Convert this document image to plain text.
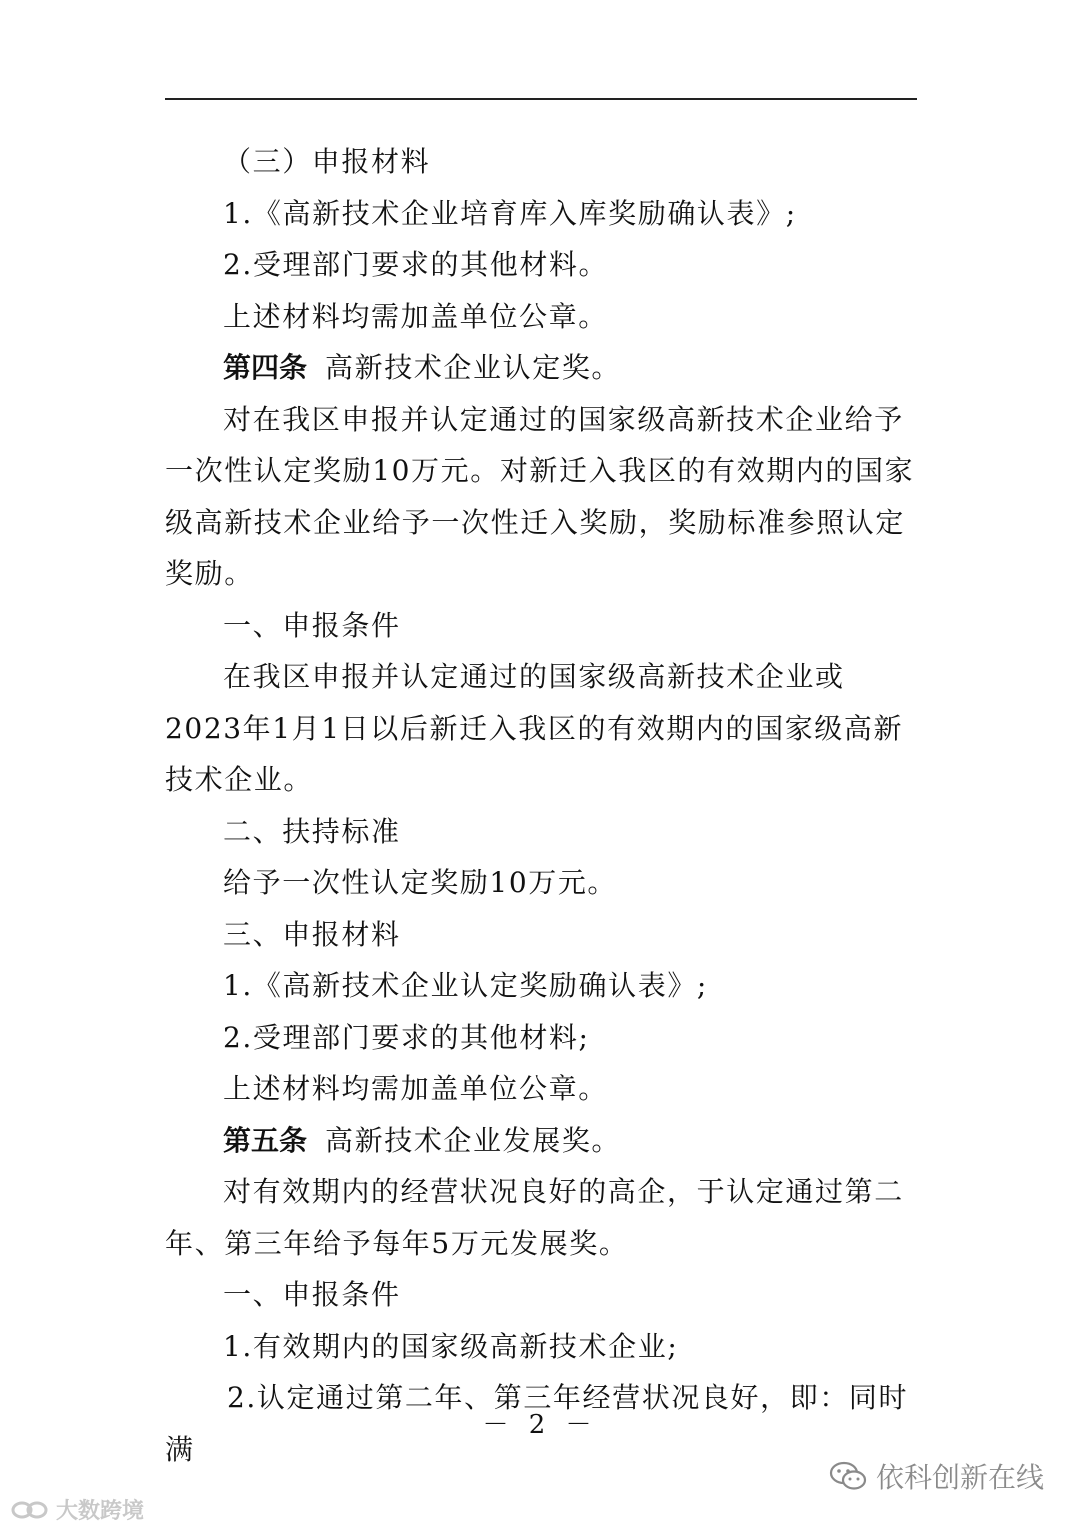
（三）申报材料

1.《高新技术企业培育库入库奖励确认表》;

2.受理部门要求的其他材料。

上述材料均需加盖单位公章。

第四条 高新技术企业认定奖。

对在我区申报并认定通过的国家级高新技术企业给予一次性认定奖励10万元。对新迁入我区的有效期内的国家级高新技术企业给予一次性迁入奖励，奖励标准参照认定奖励。

一、申报条件

在我区申报并认定通过的国家级高新技术企业或2023年1月1日以后新迁入我区的有效期内的国家级高新技术企业。

二、扶持标准

给予一次性认定奖励10万元。

三、申报材料

1.《高新技术企业认定奖励确认表》;

2.受理部门要求的其他材料;

上述材料均需加盖单位公章。

第五条 高新技术企业发展奖。

对有效期内的经营状况良好的高企，于认定通过第二年、第三年给予每年5万元发展奖。

一、申报条件

1.有效期内的国家级高新技术企业;

2.认定通过第二年、第三年经营状况良好，即：同时满

－ 2 －
大数跨境
依科创新在线
